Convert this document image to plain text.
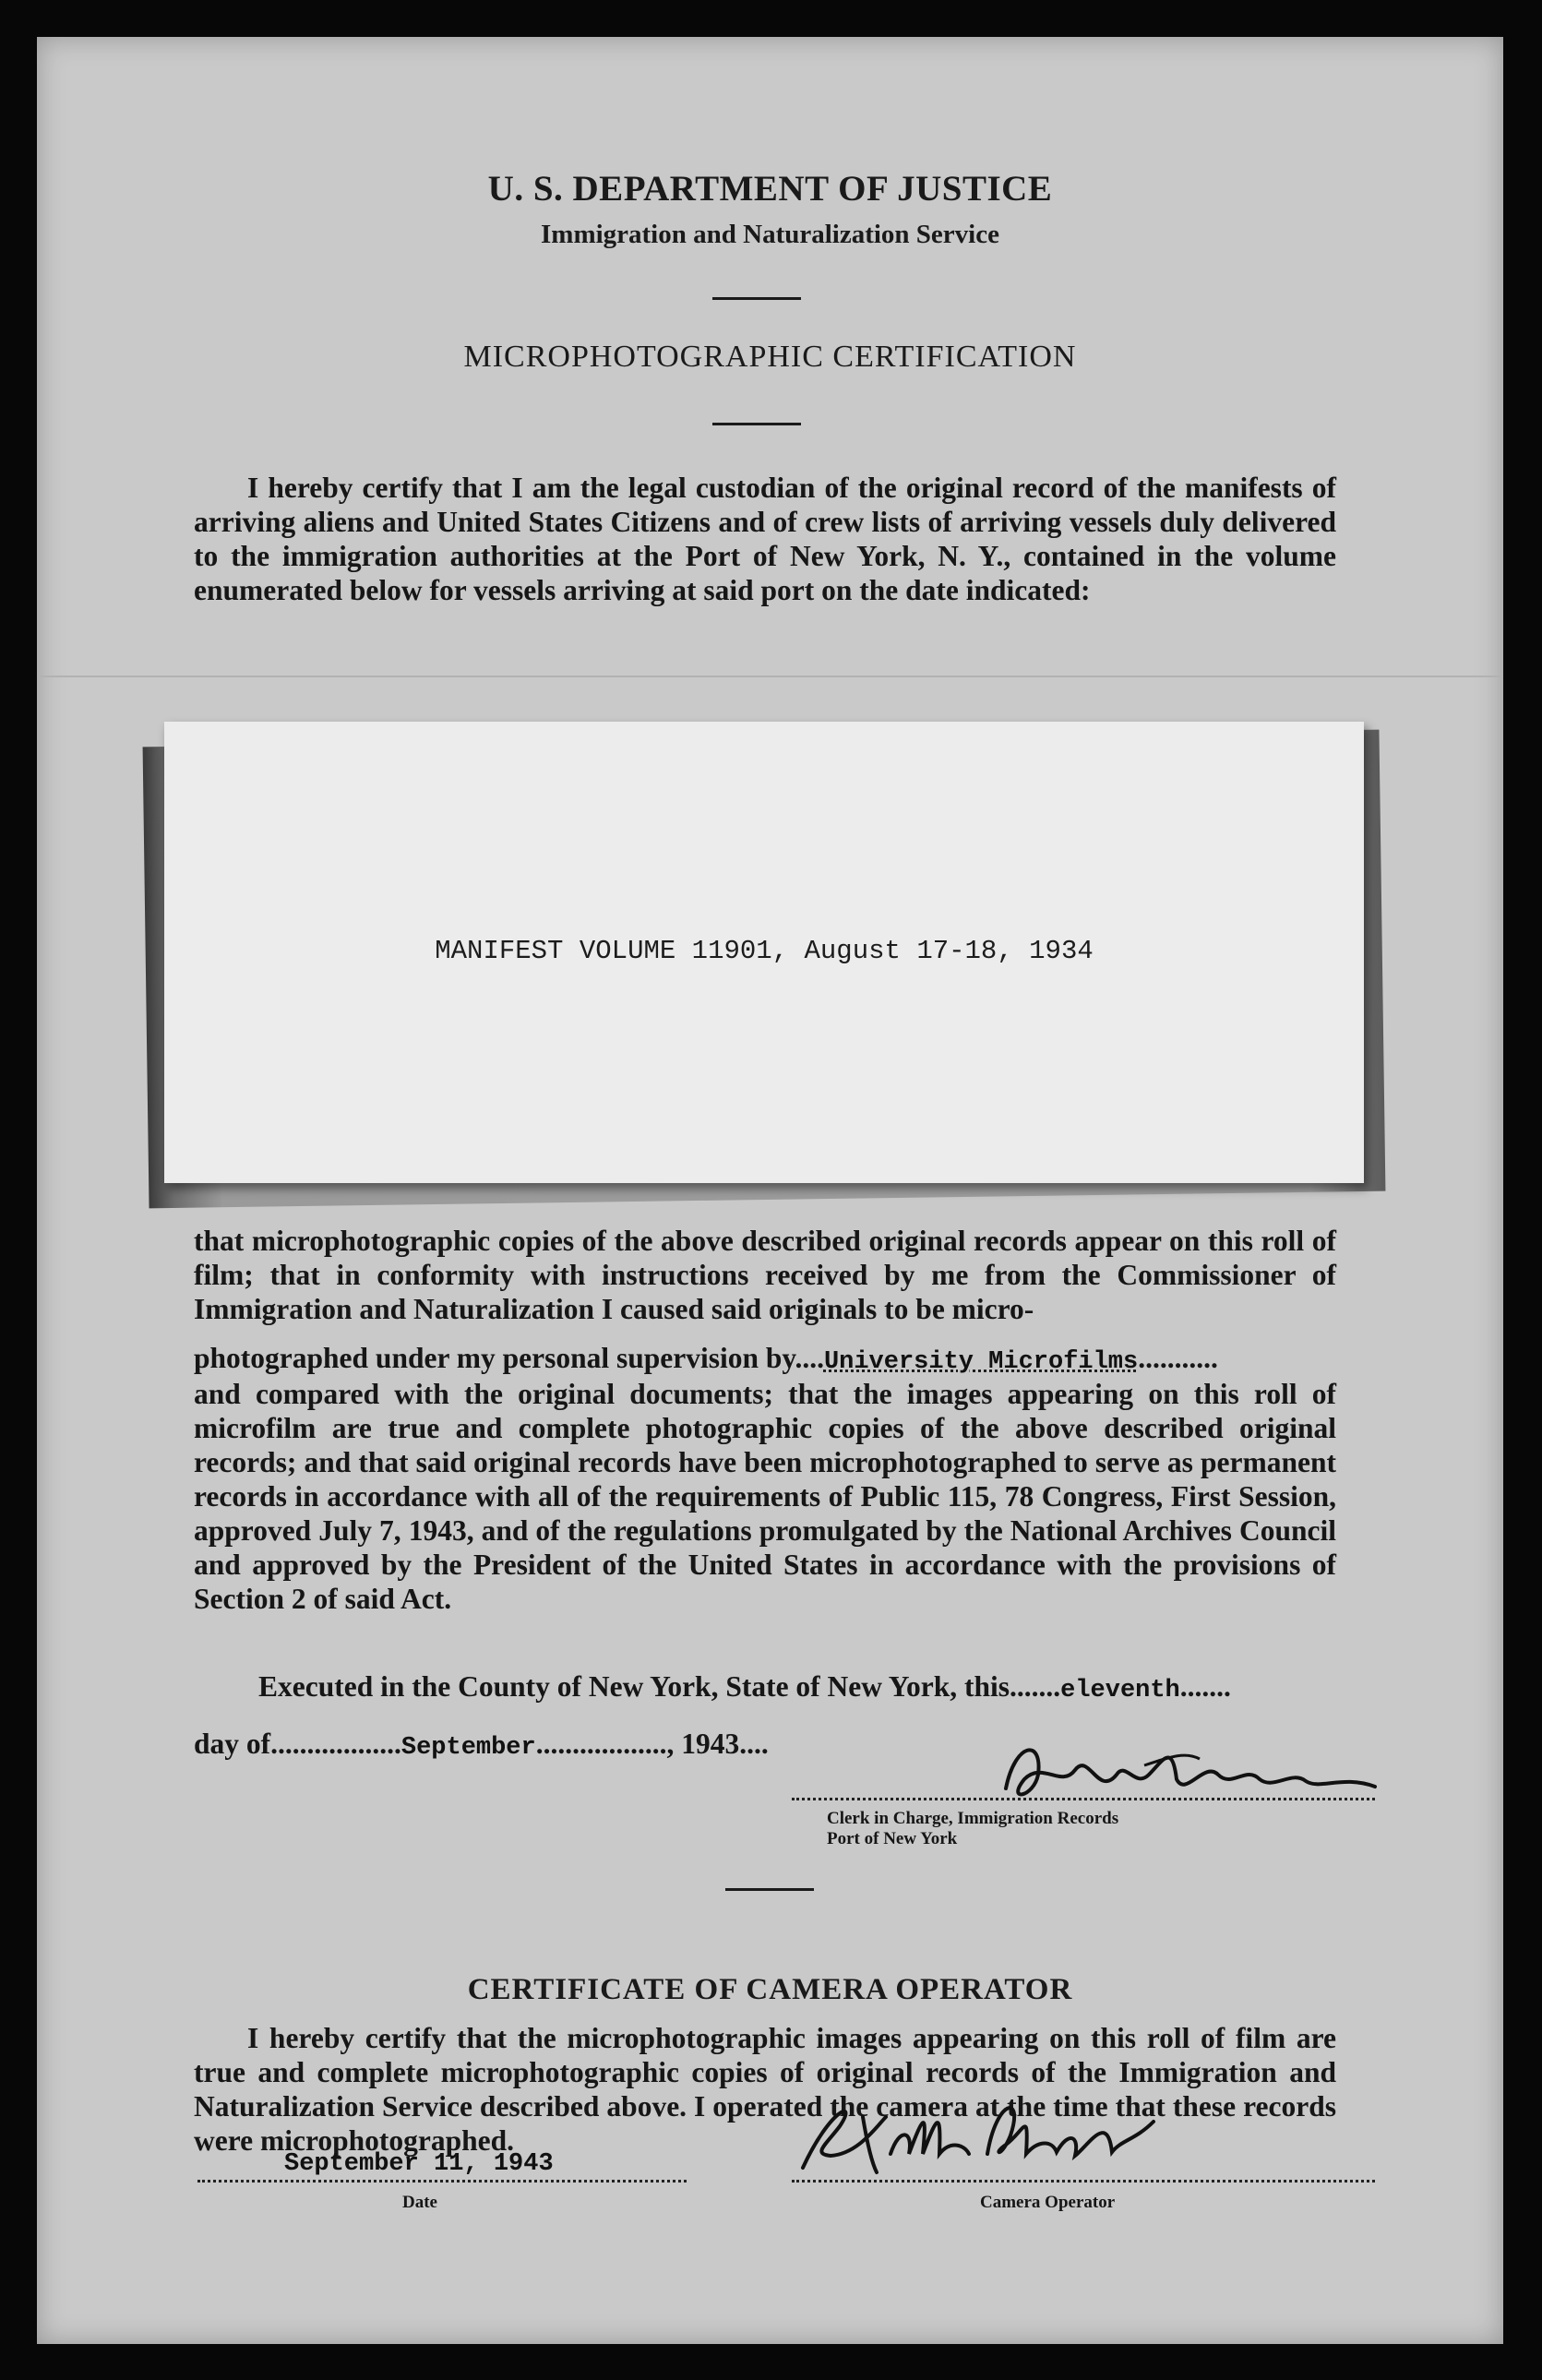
U. S. DEPARTMENT OF JUSTICE
Immigration and Naturalization Service
MICROPHOTOGRAPHIC CERTIFICATION
I hereby certify that I am the legal custodian of the original record of the manifests of arriving aliens and United States Citizens and of crew lists of arriving vessels duly delivered to the immigration authorities at the Port of New York, N. Y., contained in the volume enumerated below for vessels arriving at said port on the date indicated:
MANIFEST VOLUME 11901, August 17-18, 1934
that microphotographic copies of the above described original records appear on this roll of film; that in conformity with instructions received by me from the Commissioner of Immigration and Naturalization I caused said originals to be micro-
photographed under my personal supervision by....University Microfilms...........
and compared with the original documents; that the images appearing on this roll of microfilm are true and complete photographic copies of the above described original records; and that said original records have been microphotographed to serve as permanent records in accordance with all of the requirements of Public 115, 78 Congress, First Session, approved July 7, 1943, and of the regulations promulgated by the National Archives Council and approved by the President of the United States in accordance with the provisions of Section 2 of said Act.
Executed in the County of New York, State of New York, this.......eleventh.......
day of..................September.................., 1943....
Clerk in Charge, Immigration Records
Port of New York
CERTIFICATE OF CAMERA OPERATOR
I hereby certify that the microphotographic images appearing on this roll of film are true and complete microphotographic copies of original records of the Immigration and Naturalization Service described above. I operated the camera at the time that these records were microphotographed.
September 11, 1943
Date	Camera Operator
